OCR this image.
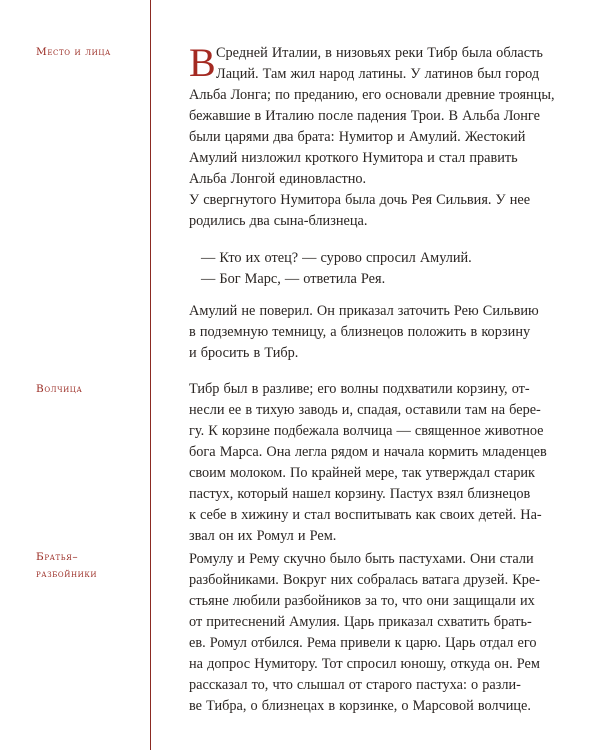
Место и лица	В Средней Италии, в низовьях реки Тибр была область
Лаций. Там жил народ латины. У латинов был город
Альба Лонга; по преданию, его основали древние троянцы,
бежавшие в Италию после падения Трои. В Альба Лонге
были царями два брата: Нумитор и Амулий. Жестокий
Амулий низложил кроткого Нумитора и стал править
Альба Лонгой единовластно.
У свергнутого Нумитора была дочь Рея Сильвия. У нее
родились два сына-близнеца.
— Кто их отец? — сурово спросил Амулий.
— Бог Марс, — ответила Рея.
Амулий не поверил. Он приказал заточить Рею Сильвию
в подземную темницу, а близнецов положить в корзину
и бросить в Тибр.
Волчица	Тибр был в разливе; его волны подхватили корзину, от-
несли ее в тихую заводь и, спадая, оставили там на бере-
гу. К корзине подбежала волчица — священное животное
бога Марса. Она легла рядом и начала кормить младенцев
своим молоком. По крайней мере, так утверждал старик
пастух, который нашел корзину. Пастух взял близнецов
к себе в хижину и стал воспитывать как своих детей. На-
звал он их Ромул и Рем.
Братья–
разбойники
Ромулу и Рему скучно было быть пастухами. Они стали
разбойниками. Вокруг них собралась ватага друзей. Кре-
стьяне любили разбойников за то, что они защищали их
от притеснений Амулия. Царь приказал схватить брать-
ев. Ромул отбился. Рема привели к царю. Царь отдал его
на допрос Нумитору. Тот спросил юношу, откуда он. Рем
рассказал то, что слышал от старого пастуха: о разли-
ве Тибра, о близнецах в корзинке, о Марсовой волчице.
